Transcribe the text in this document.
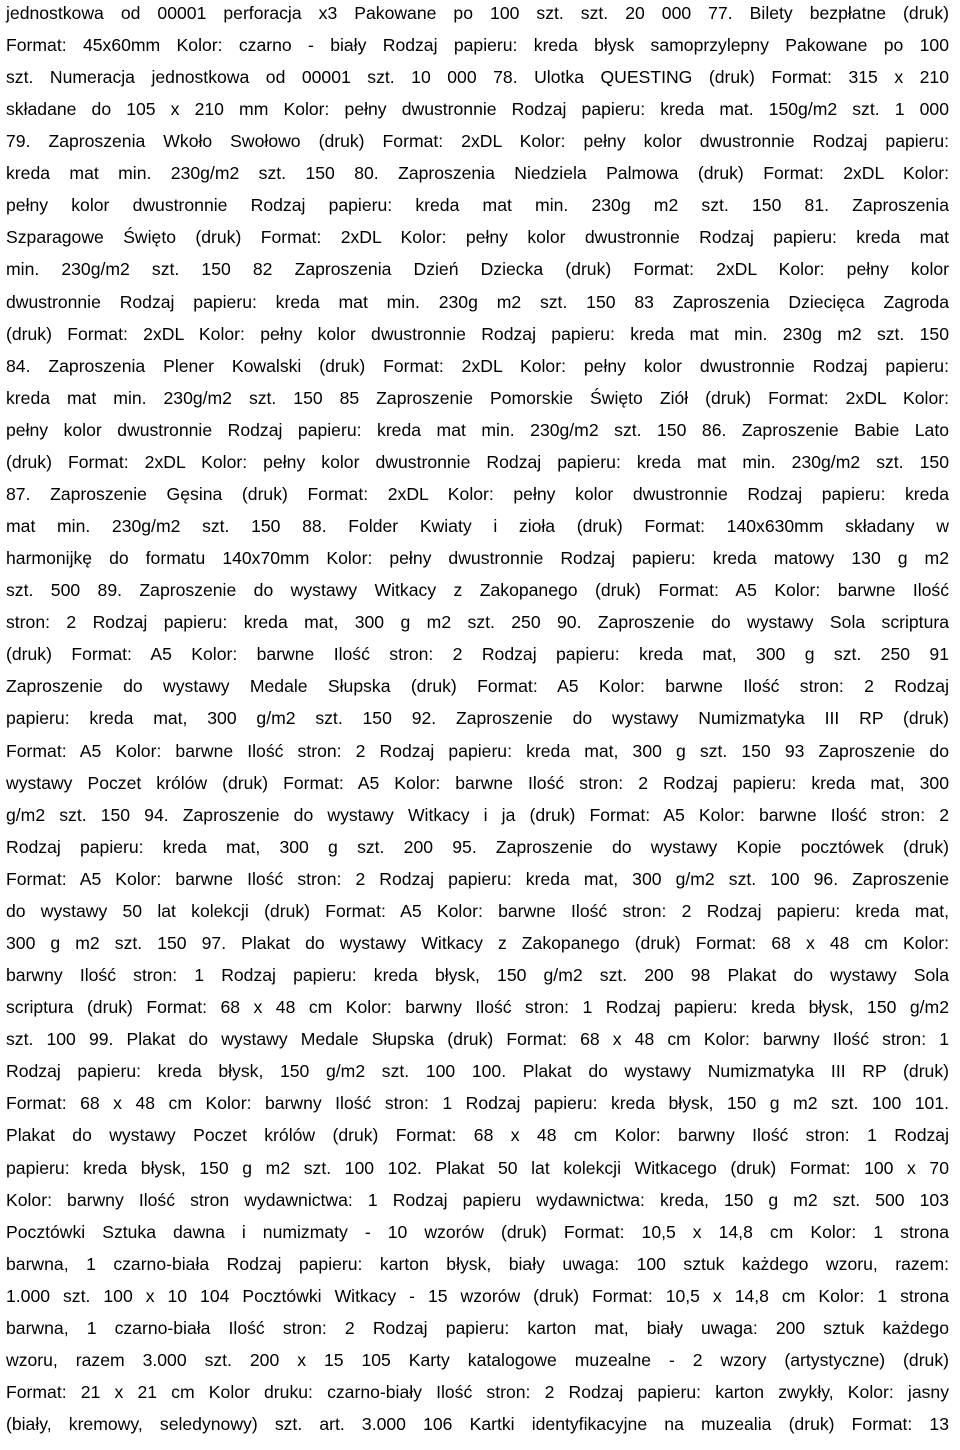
jednostkowa od 00001 perforacja x3 Pakowane po 100 szt. szt. 20 000 77. Bilety bezpłatne (druk)
Format: 45x60mm Kolor: czarno - biały Rodzaj papieru: kreda błysk samoprzylepny Pakowane po 100
szt. Numeracja jednostkowa od 00001 szt. 10 000 78. Ulotka QUESTING (druk) Format: 315 x 210
składane do 105 x 210 mm Kolor: pełny dwustronnie Rodzaj papieru: kreda mat. 150g/m2 szt. 1 000
79. Zaproszenia Wkoło Swołowo (druk) Format: 2xDL Kolor: pełny kolor dwustronnie Rodzaj papieru:
kreda mat min. 230g/m2 szt. 150 80. Zaproszenia Niedziela Palmowa (druk) Format: 2xDL Kolor:
pełny kolor dwustronnie Rodzaj papieru: kreda mat min. 230g m2 szt. 150 81. Zaproszenia
Szparagowe Święto (druk) Format: 2xDL Kolor: pełny kolor dwustronnie Rodzaj papieru: kreda mat
min. 230g/m2 szt. 150 82 Zaproszenia Dzień Dziecka (druk) Format: 2xDL Kolor: pełny kolor
dwustronnie Rodzaj papieru: kreda mat min. 230g m2 szt. 150 83 Zaproszenia Dziecięca Zagroda
(druk) Format: 2xDL Kolor: pełny kolor dwustronnie Rodzaj papieru: kreda mat min. 230g m2 szt. 150
84. Zaproszenia Plener Kowalski (druk) Format: 2xDL Kolor: pełny kolor dwustronnie Rodzaj papieru:
kreda mat min. 230g/m2 szt. 150 85 Zaproszenie Pomorskie Święto Ziół (druk) Format: 2xDL Kolor:
pełny kolor dwustronnie Rodzaj papieru: kreda mat min. 230g/m2 szt. 150 86. Zaproszenie Babie Lato
(druk) Format: 2xDL Kolor: pełny kolor dwustronnie Rodzaj papieru: kreda mat min. 230g/m2 szt. 150
87. Zaproszenie Gęsina (druk) Format: 2xDL Kolor: pełny kolor dwustronnie Rodzaj papieru: kreda
mat min. 230g/m2 szt. 150 88. Folder Kwiaty i zioła (druk) Format: 140x630mm składany w
harmonijkę do formatu 140x70mm Kolor: pełny dwustronnie Rodzaj papieru: kreda matowy 130 g m2
szt. 500 89. Zaproszenie do wystawy Witkacy z Zakopanego (druk) Format: A5 Kolor: barwne Ilość
stron: 2 Rodzaj papieru: kreda mat, 300 g m2 szt. 250 90. Zaproszenie do wystawy Sola scriptura
(druk) Format: A5 Kolor: barwne Ilość stron: 2 Rodzaj papieru: kreda mat, 300 g szt. 250 91
Zaproszenie do wystawy Medale Słupska (druk) Format: A5 Kolor: barwne Ilość stron: 2 Rodzaj
papieru: kreda mat, 300 g/m2 szt. 150 92. Zaproszenie do wystawy Numizmatyka III RP (druk)
Format: A5 Kolor: barwne Ilość stron: 2 Rodzaj papieru: kreda mat, 300 g szt. 150 93 Zaproszenie do
wystawy Poczet królów (druk) Format: A5 Kolor: barwne Ilość stron: 2 Rodzaj papieru: kreda mat, 300
g/m2 szt. 150 94. Zaproszenie do wystawy Witkacy i ja (druk) Format: A5 Kolor: barwne Ilość stron: 2
Rodzaj papieru: kreda mat, 300 g szt. 200 95. Zaproszenie do wystawy Kopie pocztówek (druk)
Format: A5 Kolor: barwne Ilość stron: 2 Rodzaj papieru: kreda mat, 300 g/m2 szt. 100 96. Zaproszenie
do wystawy 50 lat kolekcji (druk) Format: A5 Kolor: barwne Ilość stron: 2 Rodzaj papieru: kreda mat,
300 g m2 szt. 150 97. Plakat do wystawy Witkacy z Zakopanego (druk) Format: 68 x 48 cm Kolor:
barwny Ilość stron: 1 Rodzaj papieru: kreda błysk, 150 g/m2 szt. 200 98 Plakat do wystawy Sola
scriptura (druk) Format: 68 x 48 cm Kolor: barwny Ilość stron: 1 Rodzaj papieru: kreda błysk, 150 g/m2
szt. 100 99. Plakat do wystawy Medale Słupska (druk) Format: 68 x 48 cm Kolor: barwny Ilość stron: 1
Rodzaj papieru: kreda błysk, 150 g/m2 szt. 100 100. Plakat do wystawy Numizmatyka III RP (druk)
Format: 68 x 48 cm Kolor: barwny Ilość stron: 1 Rodzaj papieru: kreda błysk, 150 g m2 szt. 100 101.
Plakat do wystawy Poczet królów (druk) Format: 68 x 48 cm Kolor: barwny Ilość stron: 1 Rodzaj
papieru: kreda błysk, 150 g m2 szt. 100 102. Plakat 50 lat kolekcji Witkacego (druk) Format: 100 x 70
Kolor: barwny Ilość stron wydawnictwa: 1 Rodzaj papieru wydawnictwa: kreda, 150 g m2 szt. 500 103
Pocztówki Sztuka dawna i numizmaty - 10 wzorów (druk) Format: 10,5 x 14,8 cm Kolor: 1 strona
barwna, 1 czarno-biała Rodzaj papieru: karton błysk, biały uwaga: 100 sztuk każdego wzoru, razem:
1.000 szt. 100 x 10 104 Pocztówki Witkacy - 15 wzorów (druk) Format: 10,5 x 14,8 cm Kolor: 1 strona
barwna, 1 czarno-biała Ilość stron: 2 Rodzaj papieru: karton mat, biały uwaga: 200 sztuk każdego
wzoru, razem 3.000 szt. 200 x 15 105 Karty katalogowe muzealne - 2 wzory (artystyczne) (druk)
Format: 21 x 21 cm Kolor druku: czarno-biały Ilość stron: 2 Rodzaj papieru: karton zwykły, Kolor: jasny
(biały, kremowy, seledynowy) szt. art. 3.000 106 Kartki identyfikacyjne na muzealia (druk) Format: 13
